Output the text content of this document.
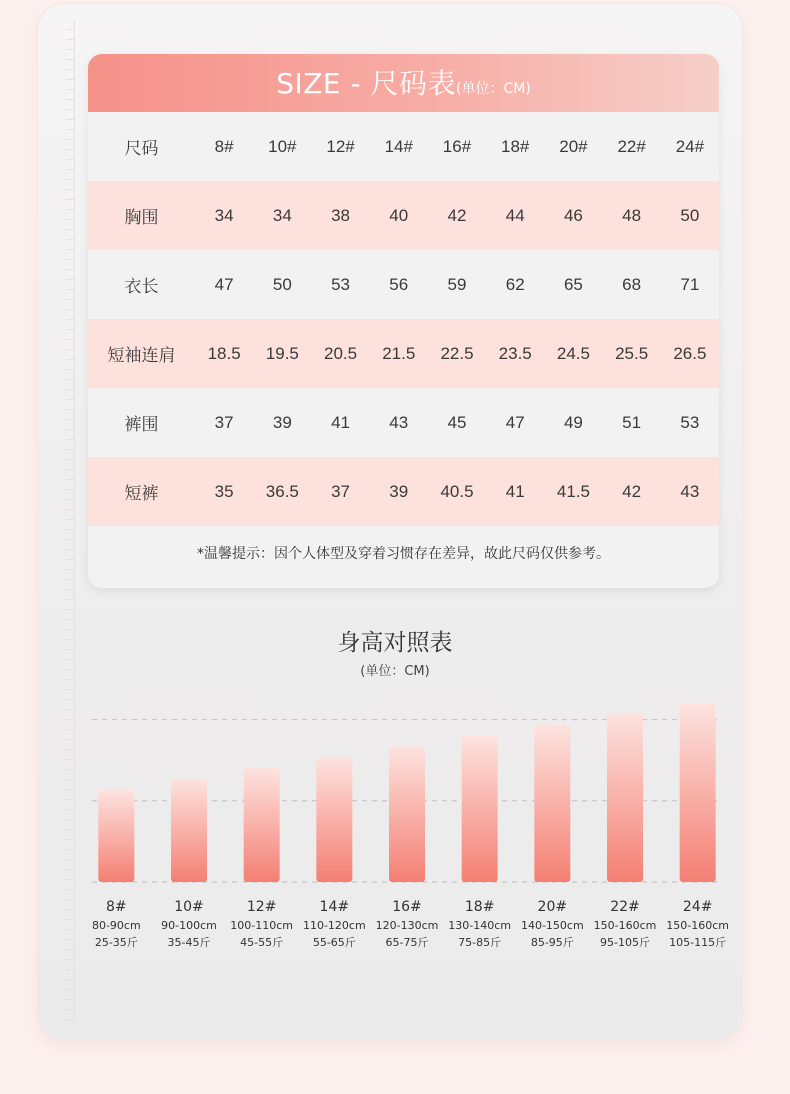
SIZE - 尺码表(单位：CM)
尺码	8#	10#	12#	14#	16#	18#	20#	22#	24#
胸围	34	34	38	40	42	44	46	48	50
衣长	47	50	53	56	59	62	65	68	71
短袖连肩	18.5	19.5	20.5	21.5	22.5	23.5	24.5	25.5	26.5
裤围	37	39	41	43	45	47	49	51	53
短裤	35	36.5	37	39	40.5	41	41.5	42	43
*温馨提示：因个人体型及穿着习惯存在差异，故此尺码仅供参考。
身高对照表
(单位：CM)
8#
80-90cm
25-35斤
10#
90-100cm
35-45斤
12#
100-110cm
45-55斤
14#
110-120cm
55-65斤
16#
120-130cm
65-75斤
18#
130-140cm
75-85斤
20#
140-150cm
85-95斤
22#
150-160cm
95-105斤
24#
150-160cm
105-115斤
